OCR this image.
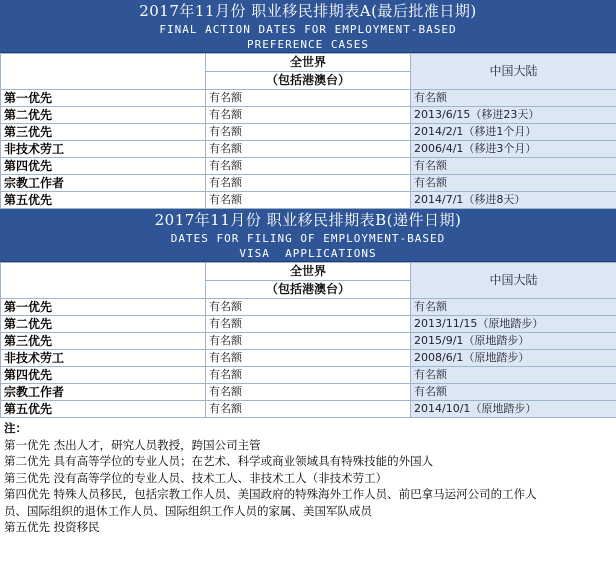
2017年11月份 职业移民排期表A(最后批准日期)
FINAL ACTION DATES FOR EMPLOYMENT-BASED
PREFERENCE CASES
	全世界	中国大陆
	（包括港澳台）	
第一优先	有名额	有名额
第二优先	有名额	2013/6/15（移进23天）
第三优先	有名额	2014/2/1（移进1个月）
非技术劳工	有名额	2006/4/1（移进3个月）
第四优先	有名额	有名额
宗教工作者	有名额	有名额
第五优先	有名额	2014/7/1（移进8天）
2017年11月份 职业移民排期表B(递件日期)
DATES FOR FILING OF EMPLOYMENT-BASED
VISA  APPLICATIONS
	全世界	中国大陆
	（包括港澳台）	
第一优先	有名额	有名额
第二优先	有名额	2013/11/15（原地踏步）
第三优先	有名额	2015/9/1（原地踏步）
非技术劳工	有名额	2008/6/1（原地踏步）
第四优先	有名额	有名额
宗教工作者	有名额	有名额
第五优先	有名额	2014/10/1（原地踏步）
注：
第一优先 杰出人才，研究人员教授，跨国公司主管
第二优先 具有高等学位的专业人员；在艺术、科学或商业领域具有特殊技能的外国人
第三优先 没有高等学位的专业人员、技术工人、非技术工人（非技术劳工）
第四优先 特殊人员移民，包括宗教工作人员、美国政府的特殊海外工作人员、前巴拿马运河公司的工作人
员、国际组织的退休工作人员、国际组织工作人员的家属、美国军队成员
第五优先 投资移民
